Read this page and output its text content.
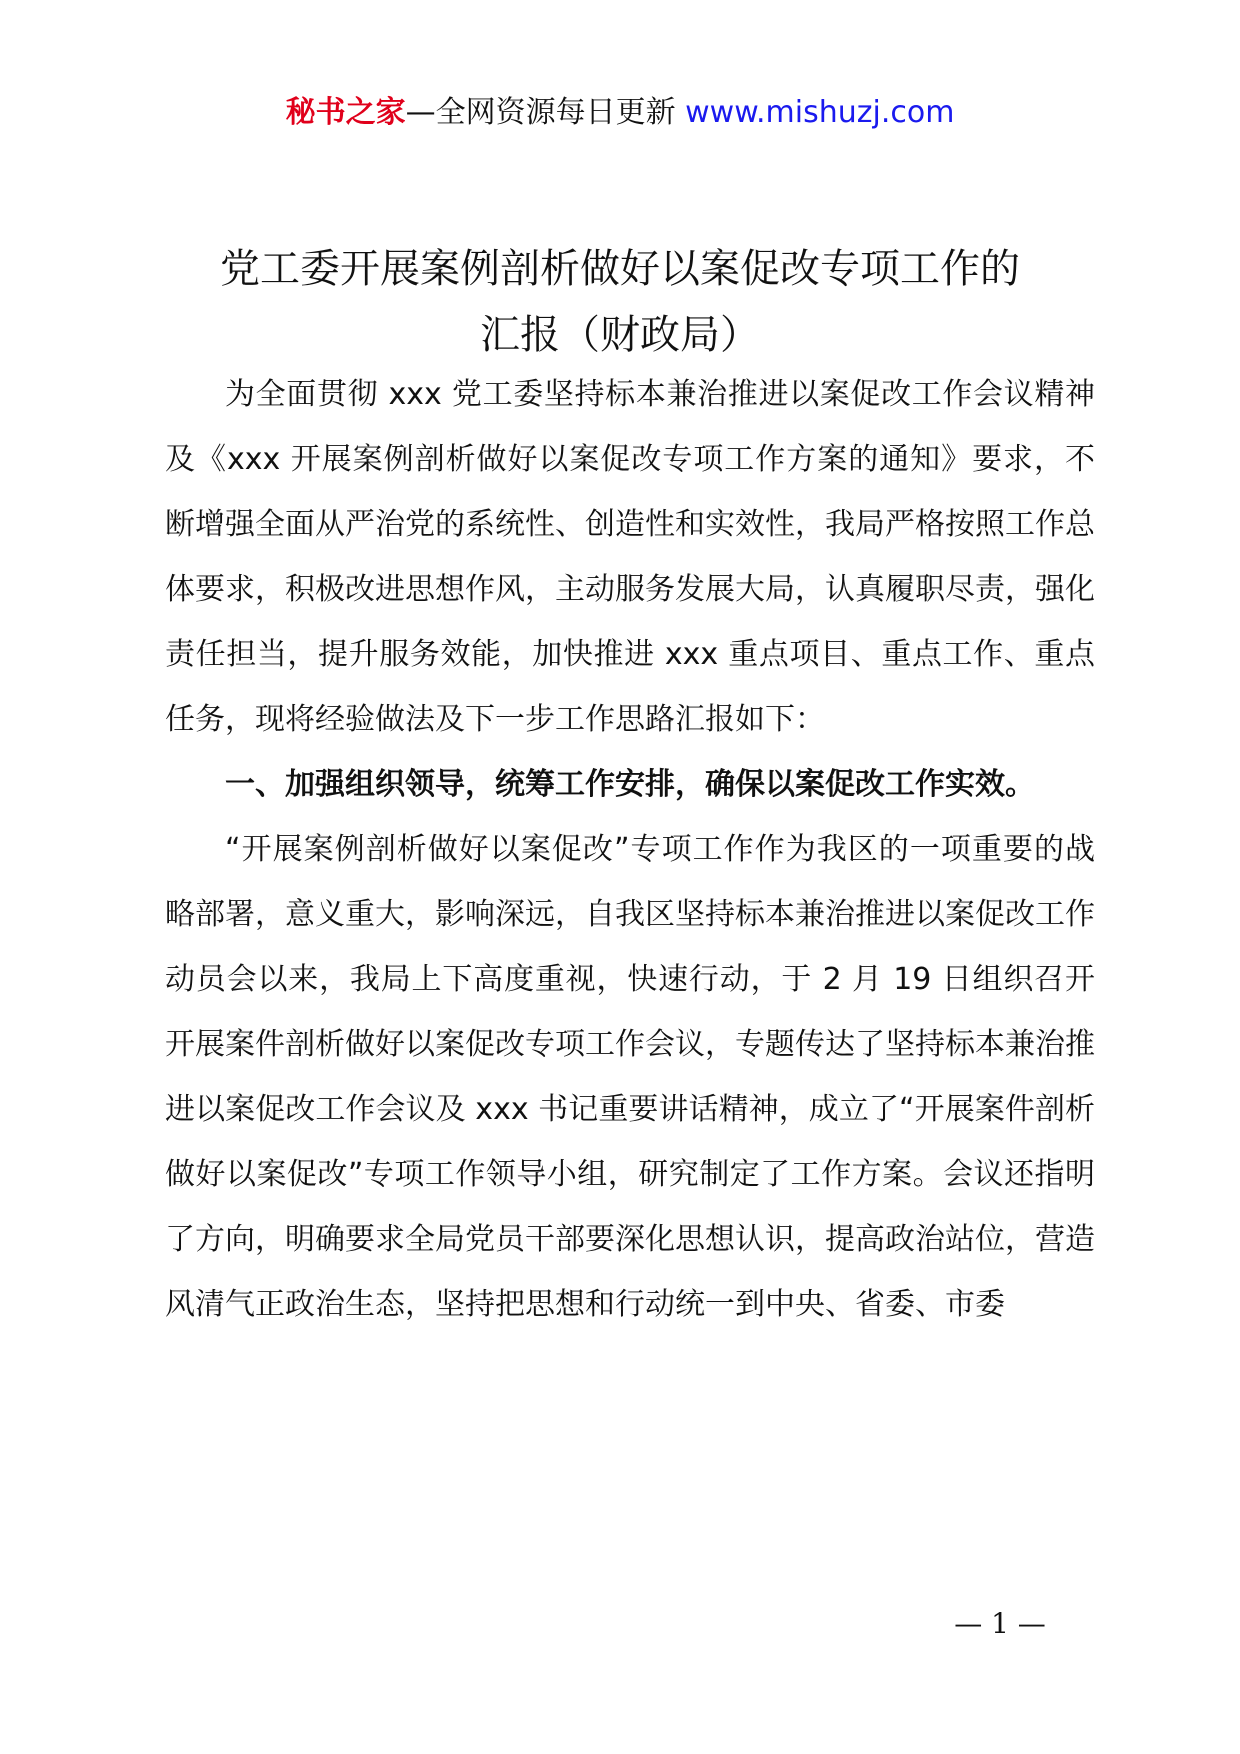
秘书之家—全网资源每日更新 www.mishuzj.com
党工委开展案例剖析做好以案促改专项工作的
汇报（财政局）

为全面贯彻 xxx 党工委坚持标本兼治推进以案促改工作会议精神及《xxx 开展案例剖析做好以案促改专项工作方案的通知》要求，不断增强全面从严治党的系统性、创造性和实效性，我局严格按照工作总体要求，积极改进思想作风，主动服务发展大局，认真履职尽责，强化责任担当，提升服务效能，加快推进 xxx 重点项目、重点工作、重点任务，现将经验做法及下一步工作思路汇报如下：

一、加强组织领导，统筹工作安排，确保以案促改工作实效。

“开展案例剖析做好以案促改”专项工作作为我区的一项重要的战略部署，意义重大，影响深远，自我区坚持标本兼治推进以案促改工作动员会以来，我局上下高度重视，快速行动，于 2 月 19 日组织召开开展案件剖析做好以案促改专项工作会议，专题传达了坚持标本兼治推进以案促改工作会议及 xxx 书记重要讲话精神，成立了“开展案件剖析做好以案促改”专项工作领导小组，研究制定了工作方案。会议还指明了方向，明确要求全局党员干部要深化思想认识，提高政治站位，营造风清气正政治生态，坚持把思想和行动统一到中央、省委、市委

— 1 —
